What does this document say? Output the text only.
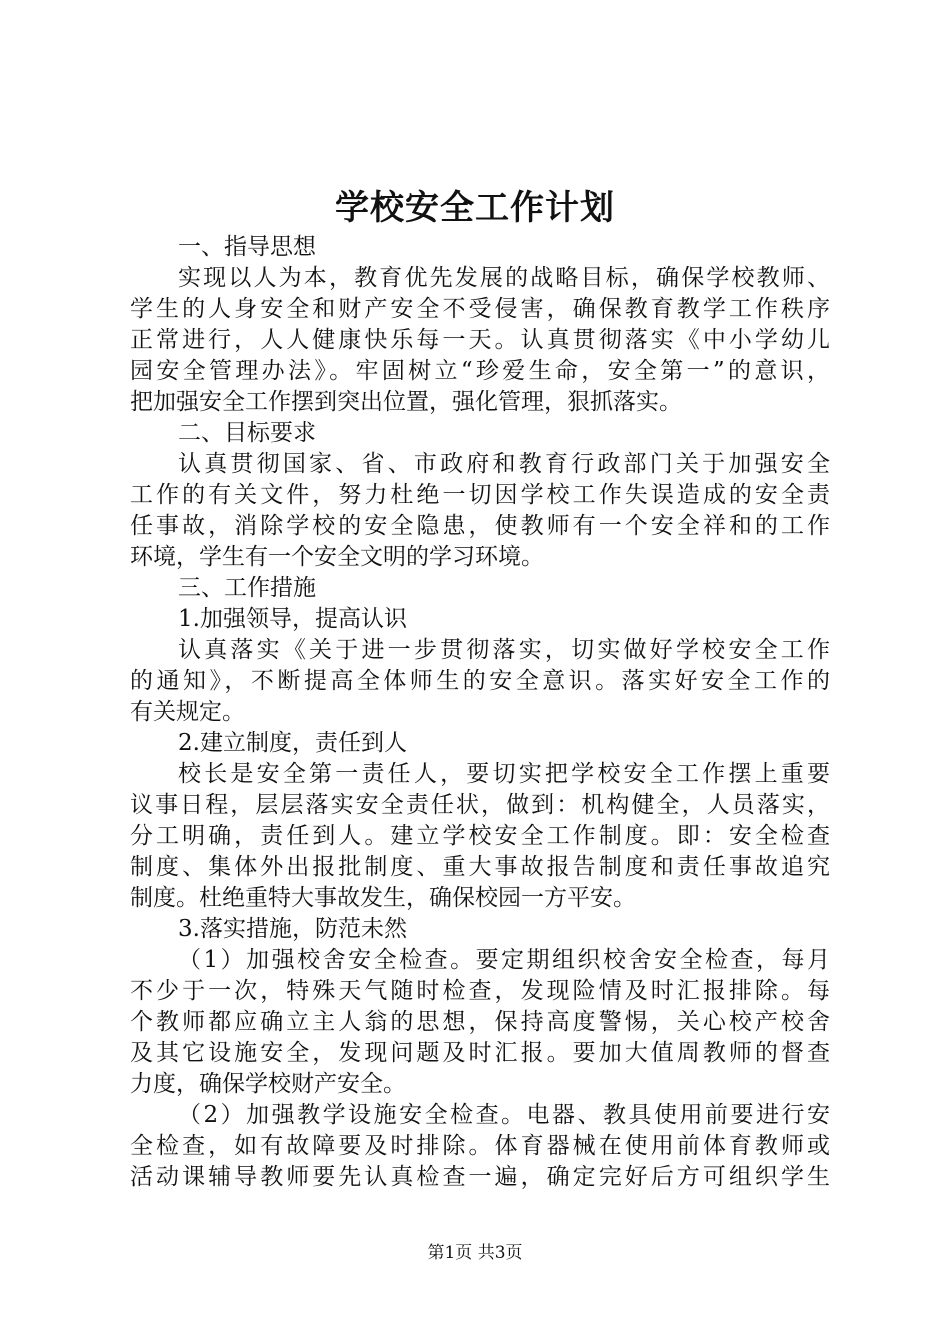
学校安全工作计划
一、指导思想
实现以人为本，教育优先发展的战略目标，确保学校教师、
学生的人身安全和财产安全不受侵害，确保教育教学工作秩序
正常进行，人人健康快乐每一天。认真贯彻落实《中小学幼儿
园安全管理办法》。牢固树立“珍爱生命，安全第一”的意识，
把加强安全工作摆到突出位置，强化管理，狠抓落实。
二、目标要求
认真贯彻国家、省、市政府和教育行政部门关于加强安全
工作的有关文件，努力杜绝一切因学校工作失误造成的安全责
任事故，消除学校的安全隐患，使教师有一个安全祥和的工作
环境，学生有一个安全文明的学习环境。
三、工作措施
1.加强领导，提高认识
认真落实《关于进一步贯彻落实，切实做好学校安全工作
的通知》，不断提高全体师生的安全意识。落实好安全工作的
有关规定。
2.建立制度，责任到人
校长是安全第一责任人，要切实把学校安全工作摆上重要
议事日程，层层落实安全责任状，做到：机构健全，人员落实，
分工明确，责任到人。建立学校安全工作制度。即：安全检查
制度、集体外出报批制度、重大事故报告制度和责任事故追究
制度。杜绝重特大事故发生，确保校园一方平安。
3.落实措施，防范未然
（1）加强校舍安全检查。要定期组织校舍安全检查，每月
不少于一次，特殊天气随时检查，发现险情及时汇报排除。每
个教师都应确立主人翁的思想，保持高度警惕，关心校产校舍
及其它设施安全，发现问题及时汇报。要加大值周教师的督查
力度，确保学校财产安全。
（2）加强教学设施安全检查。电器、教具使用前要进行安
全检查，如有故障要及时排除。体育器械在使用前体育教师或
活动课辅导教师要先认真检查一遍，确定完好后方可组织学生
第1页 共3页
